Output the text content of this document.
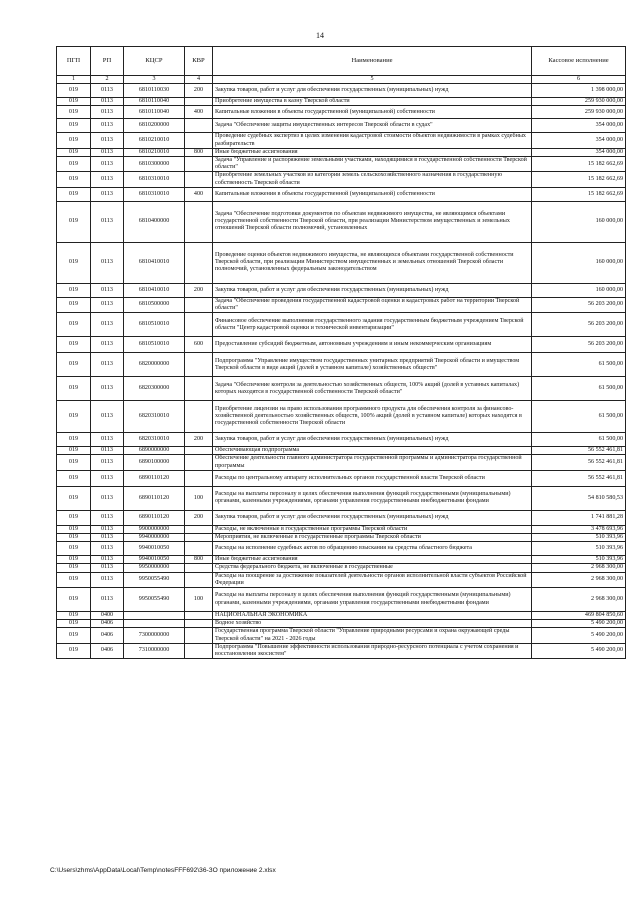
14
ПГП	РП	КЦСР	КВР	Наименование	Кассовое исполнение
1	2	3	4	5	6
019	0113	6810110030	200	Закупка товаров, работ и услуг для обеспечения государственных (муниципальных) нужд	1 398 000,00
019	0113	6810110040		Приобретение имущества в казну Тверской области	259 930 000,00
019	0113	6810110040	400	Капитальные вложения в объекты государственной (муниципальной) собственности	259 930 000,00
019	0113	6810200000		Задача "Обеспечение защиты имущественных интересов Тверской области в судах"	354 000,00
019	0113	6810210010		Проведение судебных экспертиз в целях изменения кадастровой стоимости объектов недвижимости в рамках судебных разбирательств	354 000,00
019	0113	6810210010	800	Иные бюджетные ассигнования	354 000,00
019	0113	6810300000		Задача "Управление и распоряжение земельными участками, находящимися в государственной собственности Тверской области"	15 182 662,69
019	0113	6810310010		Приобретение земельных участков из категории земель сельскохозяйственного назначения в государственную собственность Тверской области	15 182 662,69
019	0113	6810310010	400	Капитальные вложения в объекты государственной (муниципальной) собственности	15 182 662,69
019	0113	6810400000		Задача "Обеспечение подготовки документов по объектам недвижимого имущества, не являющимся объектами государственной собственности Тверской области, при реализации Министерством имущественных и земельных отношений Тверской области полномочий, установленных	160 000,00
019	0113	6810410010		Проведение оценки объектов недвижимого имущества, не являющихся объектами государственной собственности Тверской области, при реализации Министерством имущественных и земельных отношений Тверской области полномочий, установленных федеральным законодательством	160 000,00
019	0113	6810410010	200	Закупка товаров, работ и услуг для обеспечения государственных (муниципальных) нужд	160 000,00
019	0113	6810500000		Задача "Обеспечение проведения государственной кадастровой оценки и кадастровых работ на территории Тверской области"	56 203 200,00
019	0113	6810510010		Финансовое обеспечение выполнения государственного задания государственным бюджетным учреждением Тверской области "Центр кадастровой оценки и технической инвентаризации"	56 203 200,00
019	0113	6810510010	600	Предоставление субсидий бюджетным, автономным учреждениям и иным некоммерческим организациям	56 203 200,00
019	0113	6820000000		Подпрограмма "Управление имуществом государственных унитарных предприятий Тверской области и имуществом Тверской области в виде акций (долей в уставном капитале) хозяйственных обществ"	61 500,00
019	0113	6820300000		Задача "Обеспечение контроля за деятельностью хозяйственных обществ, 100% акций (долей в уставных капиталах) которых находятся в государственной собственности Тверской области"	61 500,00
019	0113	6820310010		Приобретение лицензии на право использования программного продукта для обеспечения контроля за финансово-хозяйственной деятельностью хозяйственных обществ, 100% акций (долей в уставном капитале) которых находятся в государственной собственности Тверской области	61 500,00
019	0113	6820310010	200	Закупка товаров, работ и услуг для обеспечения государственных (муниципальных) нужд	61 500,00
019	0113	6890000000		Обеспечивающая подпрограмма	56 552 461,81
019	0113	6890100000		Обеспечение деятельности главного администратора государственной программы и администратора государственной программы	56 552 461,81
019	0113	6890110120		Расходы по центральному аппарату исполнительных органов государственной власти Тверской области	56 552 461,81
019	0113	6890110120	100	Расходы на выплаты персоналу в целях обеспечения выполнения функций государственными (муниципальными) органами, казенными учреждениями, органами управления государственными внебюджетными фондами	54 810 580,53
019	0113	6890110120	200	Закупка товаров, работ и услуг для обеспечения государственных (муниципальных) нужд	1 741 881,28
019	0113	9900000000		Расходы, не включенные в государственные программы Тверской области	3 478 693,96
019	0113	9940000000		Мероприятия, не включенные в государственные программы Тверской области	510 393,96
019	0113	9940010050		Расходы на исполнение судебных актов по обращению взыскания на средства областного бюджета	510 393,96
019	0113	9940010050	800	Иные бюджетные ассигнования	510 393,96
019	0113	9950000000		Средства федерального бюджета, не включенные в государственные	2 968 300,00
019	0113	9950055490		Расходы на поощрение за достижение показателей деятельности органов исполнительной власти субъектов Российской Федерации	2 968 300,00
019	0113	9950055490	100	Расходы на выплаты персоналу в целях обеспечения выполнения функций государственными (муниципальными) органами, казенными учреждениями, органами управления государственными внебюджетными фондами	2 968 300,00
019	0400			НАЦИОНАЛЬНАЯ ЭКОНОМИКА	469 804 850,60
019	0406			Водное хозяйство	5 490 200,00
019	0406	7300000000		Государственная программа Тверской области "Управление природными ресурсами и охрана окружающей среды Тверской области" на 2021 - 2026 годы	5 490 200,00
019	0406	7310000000		Подпрограмма "Повышение эффективности использования природно-ресурсного потенциала с учетом сохранения и восстановления экосистем"	5 490 200,00
C:\Users\zhms\AppData\Local\Temp\notesFFF692\36-ЗО приложение 2.xlsx
